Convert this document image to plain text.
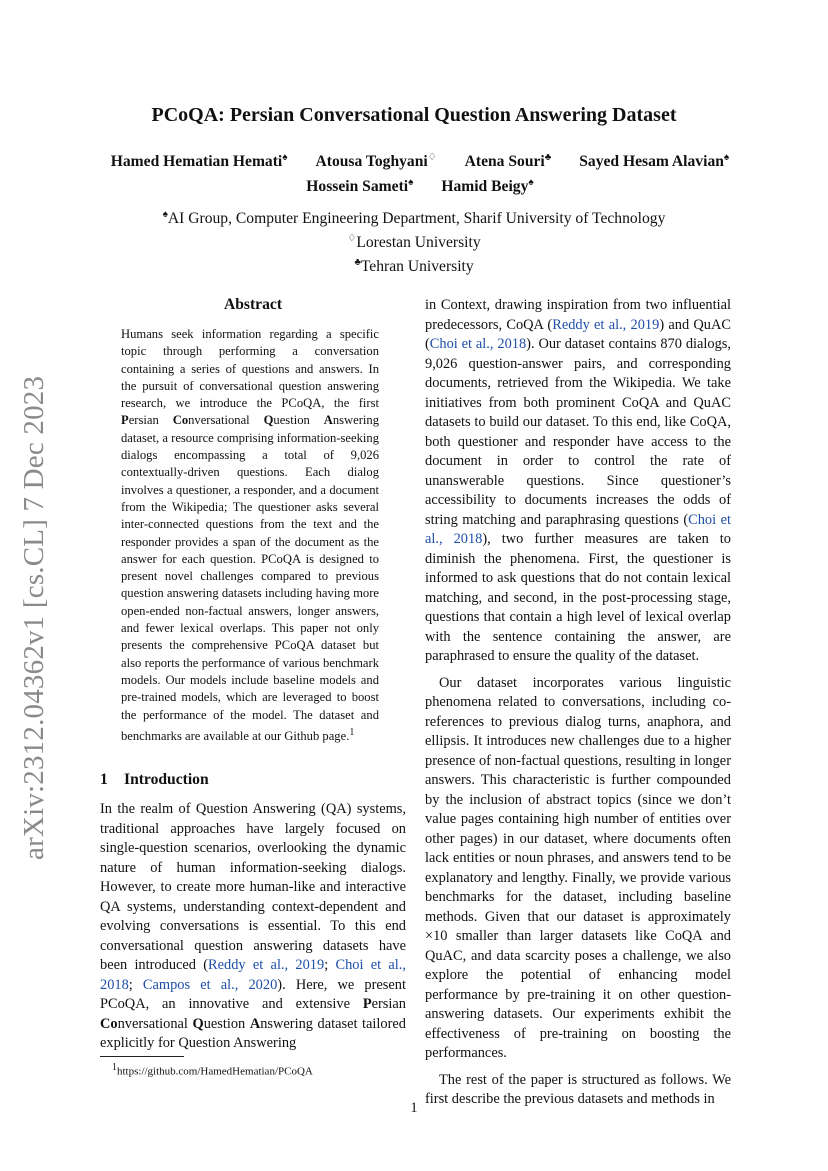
arXiv:2312.04362v1 [cs.CL] 7 Dec 2023
PCoQA: Persian Conversational Question Answering Dataset
Hamed Hematian Hemati♠ Atousa Toghyani♢ Atena Souri♣ Sayed Hesam Alavian♠
Hossein Sameti♠ Hamid Beigy♠
♠AI Group, Computer Engineering Department, Sharif University of Technology
♢Lorestan University
♣Tehran University
Abstract
Humans seek information regarding a specific topic through performing a conversation containing a series of questions and answers. In the pursuit of conversational question answering research, we introduce the PCoQA, the first Persian Conversational Question Answering dataset, a resource comprising information-seeking dialogs encompassing a total of 9,026 contextually-driven questions. Each dialog involves a questioner, a responder, and a document from the Wikipedia; The questioner asks several inter-connected questions from the text and the responder provides a span of the document as the answer for each question. PCoQA is designed to present novel challenges compared to previous question answering datasets including having more open-ended non-factual answers, longer answers, and fewer lexical overlaps. This paper not only presents the comprehensive PCoQA dataset but also reports the performance of various benchmark models. Our models include baseline models and pre-trained models, which are leveraged to boost the performance of the model. The dataset and benchmarks are available at our Github page.$^1$
1 Introduction

In the realm of Question Answering (QA) systems, traditional approaches have largely focused on single-question scenarios, overlooking the dynamic nature of human information-seeking dialogs. However, to create more human-like and interactive QA systems, understanding context-dependent and evolving conversations is essential. To this end conversational question answering datasets have been introduced (Reddy et al., 2019; Choi et al., 2018; Campos et al., 2020). Here, we present PCoQA, an innovative and extensive Persian Conversational Question Answering dataset tailored explicitly for Question Answering

in Context, drawing inspiration from two influential predecessors, CoQA (Reddy et al., 2019) and QuAC (Choi et al., 2018). Our dataset contains 870 dialogs, 9,026 question-answer pairs, and corresponding documents, retrieved from the Wikipedia. We take initiatives from both prominent CoQA and QuAC datasets to build our dataset. To this end, like CoQA, both questioner and responder have access to the document in order to control the rate of unanswerable questions. Since questioner’s accessibility to documents increases the odds of string matching and paraphrasing questions (Choi et al., 2018), two further measures are taken to diminish the phenomena. First, the questioner is informed to ask questions that do not contain lexical matching, and second, in the post-processing stage, questions that contain a high level of lexical overlap with the sentence containing the answer, are paraphrased to ensure the quality of the dataset.

Our dataset incorporates various linguistic phenomena related to conversations, including co-references to previous dialog turns, anaphora, and ellipsis. It introduces new challenges due to a higher presence of non-factual questions, resulting in longer answers. This characteristic is further compounded by the inclusion of abstract topics (since we don’t value pages containing high number of entities over other pages) in our dataset, where documents often lack entities or noun phrases, and answers tend to be explanatory and lengthy. Finally, we provide various benchmarks for the dataset, including baseline methods. Given that our dataset is approximately ×10 smaller than larger datasets like CoQA and QuAC, and data scarcity poses a challenge, we also explore the potential of enhancing model performance by pre-training it on other question-answering datasets. Our experiments exhibit the effectiveness of pre-training on boosting the performances.

The rest of the paper is structured as follows. We first describe the previous datasets and methods in

$^1$https://github.com/HamedHematian/PCoQA
1
